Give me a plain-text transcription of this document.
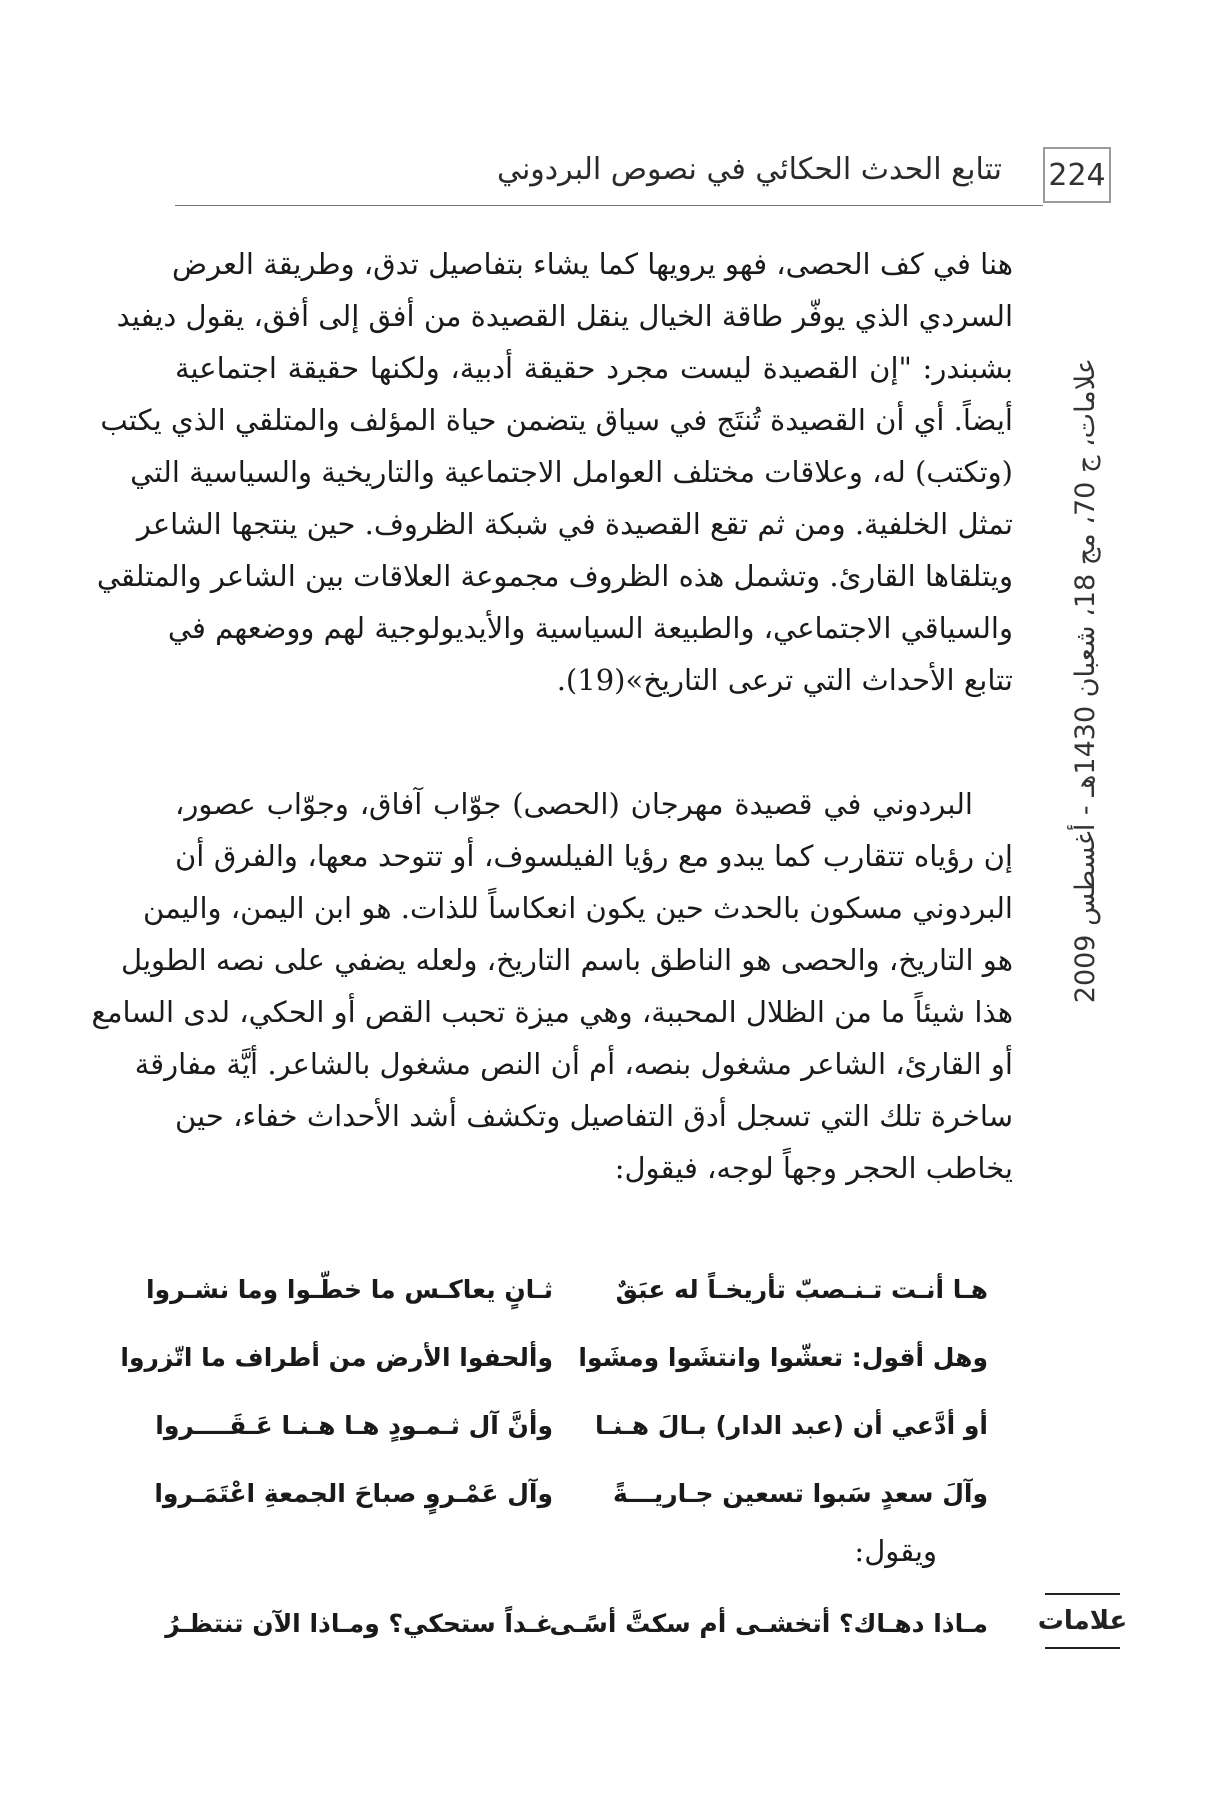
224
تتابع الحدث الحكائي في نصوص البردوني
هنا في كف الحصى، فهو يرويها كما يشاء بتفاصيل تدق، وطريقة العرض
السردي الذي يوفّر طاقة الخيال ينقل القصيدة من أفق إلى أفق، يقول ديفيد
بشبندر: "إن القصيدة ليست مجرد حقيقة أدبية، ولكنها حقيقة اجتماعية
أيضاً. أي أن القصيدة تُنتَج في سياق يتضمن حياة المؤلف والمتلقي الذي يكتب
(وتكتب) له، وعلاقات مختلف العوامل الاجتماعية والتاريخية والسياسية التي
تمثل الخلفية. ومن ثم تقع القصيدة في شبكة الظروف. حين ينتجها الشاعر
ويتلقاها القارئ. وتشمل هذه الظروف مجموعة العلاقات بين الشاعر والمتلقي
والسياقي الاجتماعي، والطبيعة السياسية والأيديولوجية لهم ووضعهم في
تتابع الأحداث التي ترعى التاريخ»(19).
البردوني في قصيدة مهرجان (الحصى) جوّاب آفاق، وجوّاب عصور،
إن رؤياه تتقارب كما يبدو مع رؤيا الفيلسوف، أو تتوحد معها، والفرق أن
البردوني مسكون بالحدث حين يكون انعكاساً للذات. هو ابن اليمن، واليمن
هو التاريخ، والحصى هو الناطق باسم التاريخ، ولعله يضفي على نصه الطويل
هذا شيئاً ما من الظلال المحببة، وهي ميزة تحبب القص أو الحكي، لدى السامع
أو القارئ، الشاعر مشغول بنصه، أم أن النص مشغول بالشاعر. أيَّة مفارقة
ساخرة تلك التي تسجل أدق التفاصيل وتكشف أشد الأحداث خفاء، حين
يخاطب الحجر وجهاً لوجه، فيقول:
هـا أنـت تـنـصبّ تأريخـاً له عبَقٌ
ثـانٍ يعاكـس ما خطّـوا وما نشـروا
وهل أقول: تعشّوا وانتشَوا ومشَوا
وألحفوا الأرض من أطراف ما اتّزروا
أو أدَّعي أن (عبد الدار) بـالَ هـنـا
وأنَّ آل ثـمـودٍ هـا هـنـا عَـقَــــروا
وآلَ سعدٍ سَبوا تسعين جـاريـــةً
وآل عَمْـروٍ صباحَ الجمعةِ اعْتَمَـروا
ويقول:
مـاذا دهـاك؟ أتخشـى أم سكتَّ أسًـى
غـداً ستحكي؟ ومـاذا الآن تنتظـرُ
علامات، ج 70، مج 18، شعبان 1430هـ - أغسطس 2009
علامات
